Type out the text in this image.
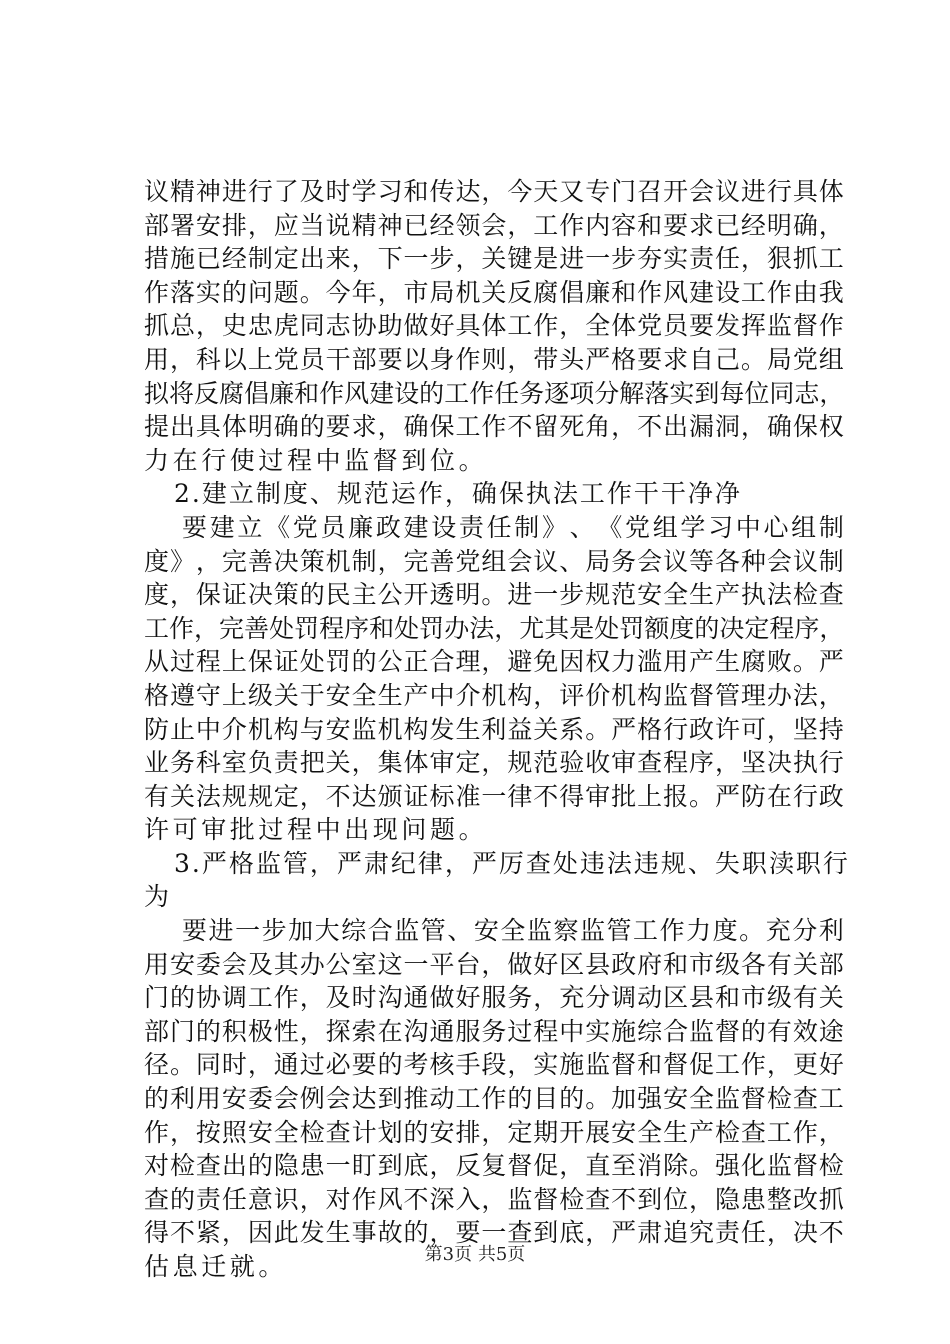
议 精 神 进 行 了 及 时 学 习 和 传 达 ， 今 天 又 专 门 召 开 会 议 进 行 具 体
部 署 安 排 ， 应 当 说 精 神 已 经 领 会 ， 工 作 内 容 和 要 求 已 经 明 确 ，
措 施 已 经 制 定 出 来 ， 下 一 步 ， 关 键 是 进 一 步 夯 实 责 任 ， 狠 抓 工
作 落 实 的 问 题 。 今 年 ， 市 局 机 关 反 腐 倡 廉 和 作 风 建 设 工 作 由 我
抓 总 ， 史 忠 虎 同 志 协 助 做 好 具 体 工 作 ， 全 体 党 员 要 发 挥 监 督 作
用 ， 科 以 上 党 员 干 部 要 以 身 作 则 ， 带 头 严 格 要 求 自 己 。 局 党 组
拟 将 反 腐 倡 廉 和 作 风 建 设 的 工 作 任 务 逐 项 分 解 落 实 到 每 位 同 志 ，
提 出 具 体 明 确 的 要 求 ， 确 保 工 作 不 留 死 角 ， 不 出 漏 洞 ， 确 保 权
力在行使过程中监督到位。
2.建立制度、规范运作，确保执法工作干干净净
要 建 立 《 党 员 廉 政 建 设 责 任 制 》 、 《 党 组 学 习 中 心 组 制
度 》 ， 完 善 决 策 机 制 ， 完 善 党 组 会 议 、 局 务 会 议 等 各 种 会 议 制
度 ， 保 证 决 策 的 民 主 公 开 透 明 。 进 一 步 规 范 安 全 生 产 执 法 检 查
工 作 ， 完 善 处 罚 程 序 和 处 罚 办 法 ， 尤 其 是 处 罚 额 度 的 决 定 程 序 ，
从 过 程 上 保 证 处 罚 的 公 正 合 理 ， 避 免 因 权 力 滥 用 产 生 腐 败 。 严
格 遵 守 上 级 关 于 安 全 生 产 中 介 机 构 ， 评 价 机 构 监 督 管 理 办 法 ，
防 止 中 介 机 构 与 安 监 机 构 发 生 利 益 关 系 。 严 格 行 政 许 可 ， 坚 持
业 务 科 室 负 责 把 关 ， 集 体 审 定 ， 规 范 验 收 审 查 程 序 ， 坚 决 执 行
有 关 法 规 规 定 ， 不 达 颁 证 标 准 一 律 不 得 审 批 上 报 。 严 防 在 行 政
许可审批过程中出现问题。
3.严格监管，严肃纪律，严厉查处违法违规、失职渎职行
为
要 进 一 步 加 大 综 合 监 管 、 安 全 监 察 监 管 工 作 力 度 。 充 分 利
用 安 委 会 及 其 办 公 室 这 一 平 台 ， 做 好 区 县 政 府 和 市 级 各 有 关 部
门 的 协 调 工 作 ， 及 时 沟 通 做 好 服 务 ， 充 分 调 动 区 县 和 市 级 有 关
部 门 的 积 极 性 ， 探 索 在 沟 通 服 务 过 程 中 实 施 综 合 监 督 的 有 效 途
径 。 同 时 ， 通 过 必 要 的 考 核 手 段 ， 实 施 监 督 和 督 促 工 作 ， 更 好
的 利 用 安 委 会 例 会 达 到 推 动 工 作 的 目 的 。 加 强 安 全 监 督 检 查 工
作 ， 按 照 安 全 检 查 计 划 的 安 排 ， 定 期 开 展 安 全 生 产 检 查 工 作 ，
对 检 查 出 的 隐 患 一 盯 到 底 ， 反 复 督 促 ， 直 至 消 除 。 强 化 监 督 检
查 的 责 任 意 识 ， 对 作 风 不 深 入 ， 监 督 检 查 不 到 位 ， 隐 患 整 改 抓
得 不 紧 ， 因 此 发 生 事 故 的 ， 要 一 查 到 底 ， 严 肃 追 究 责 任 ， 决 不
估息迁就。	第3页 共5页
